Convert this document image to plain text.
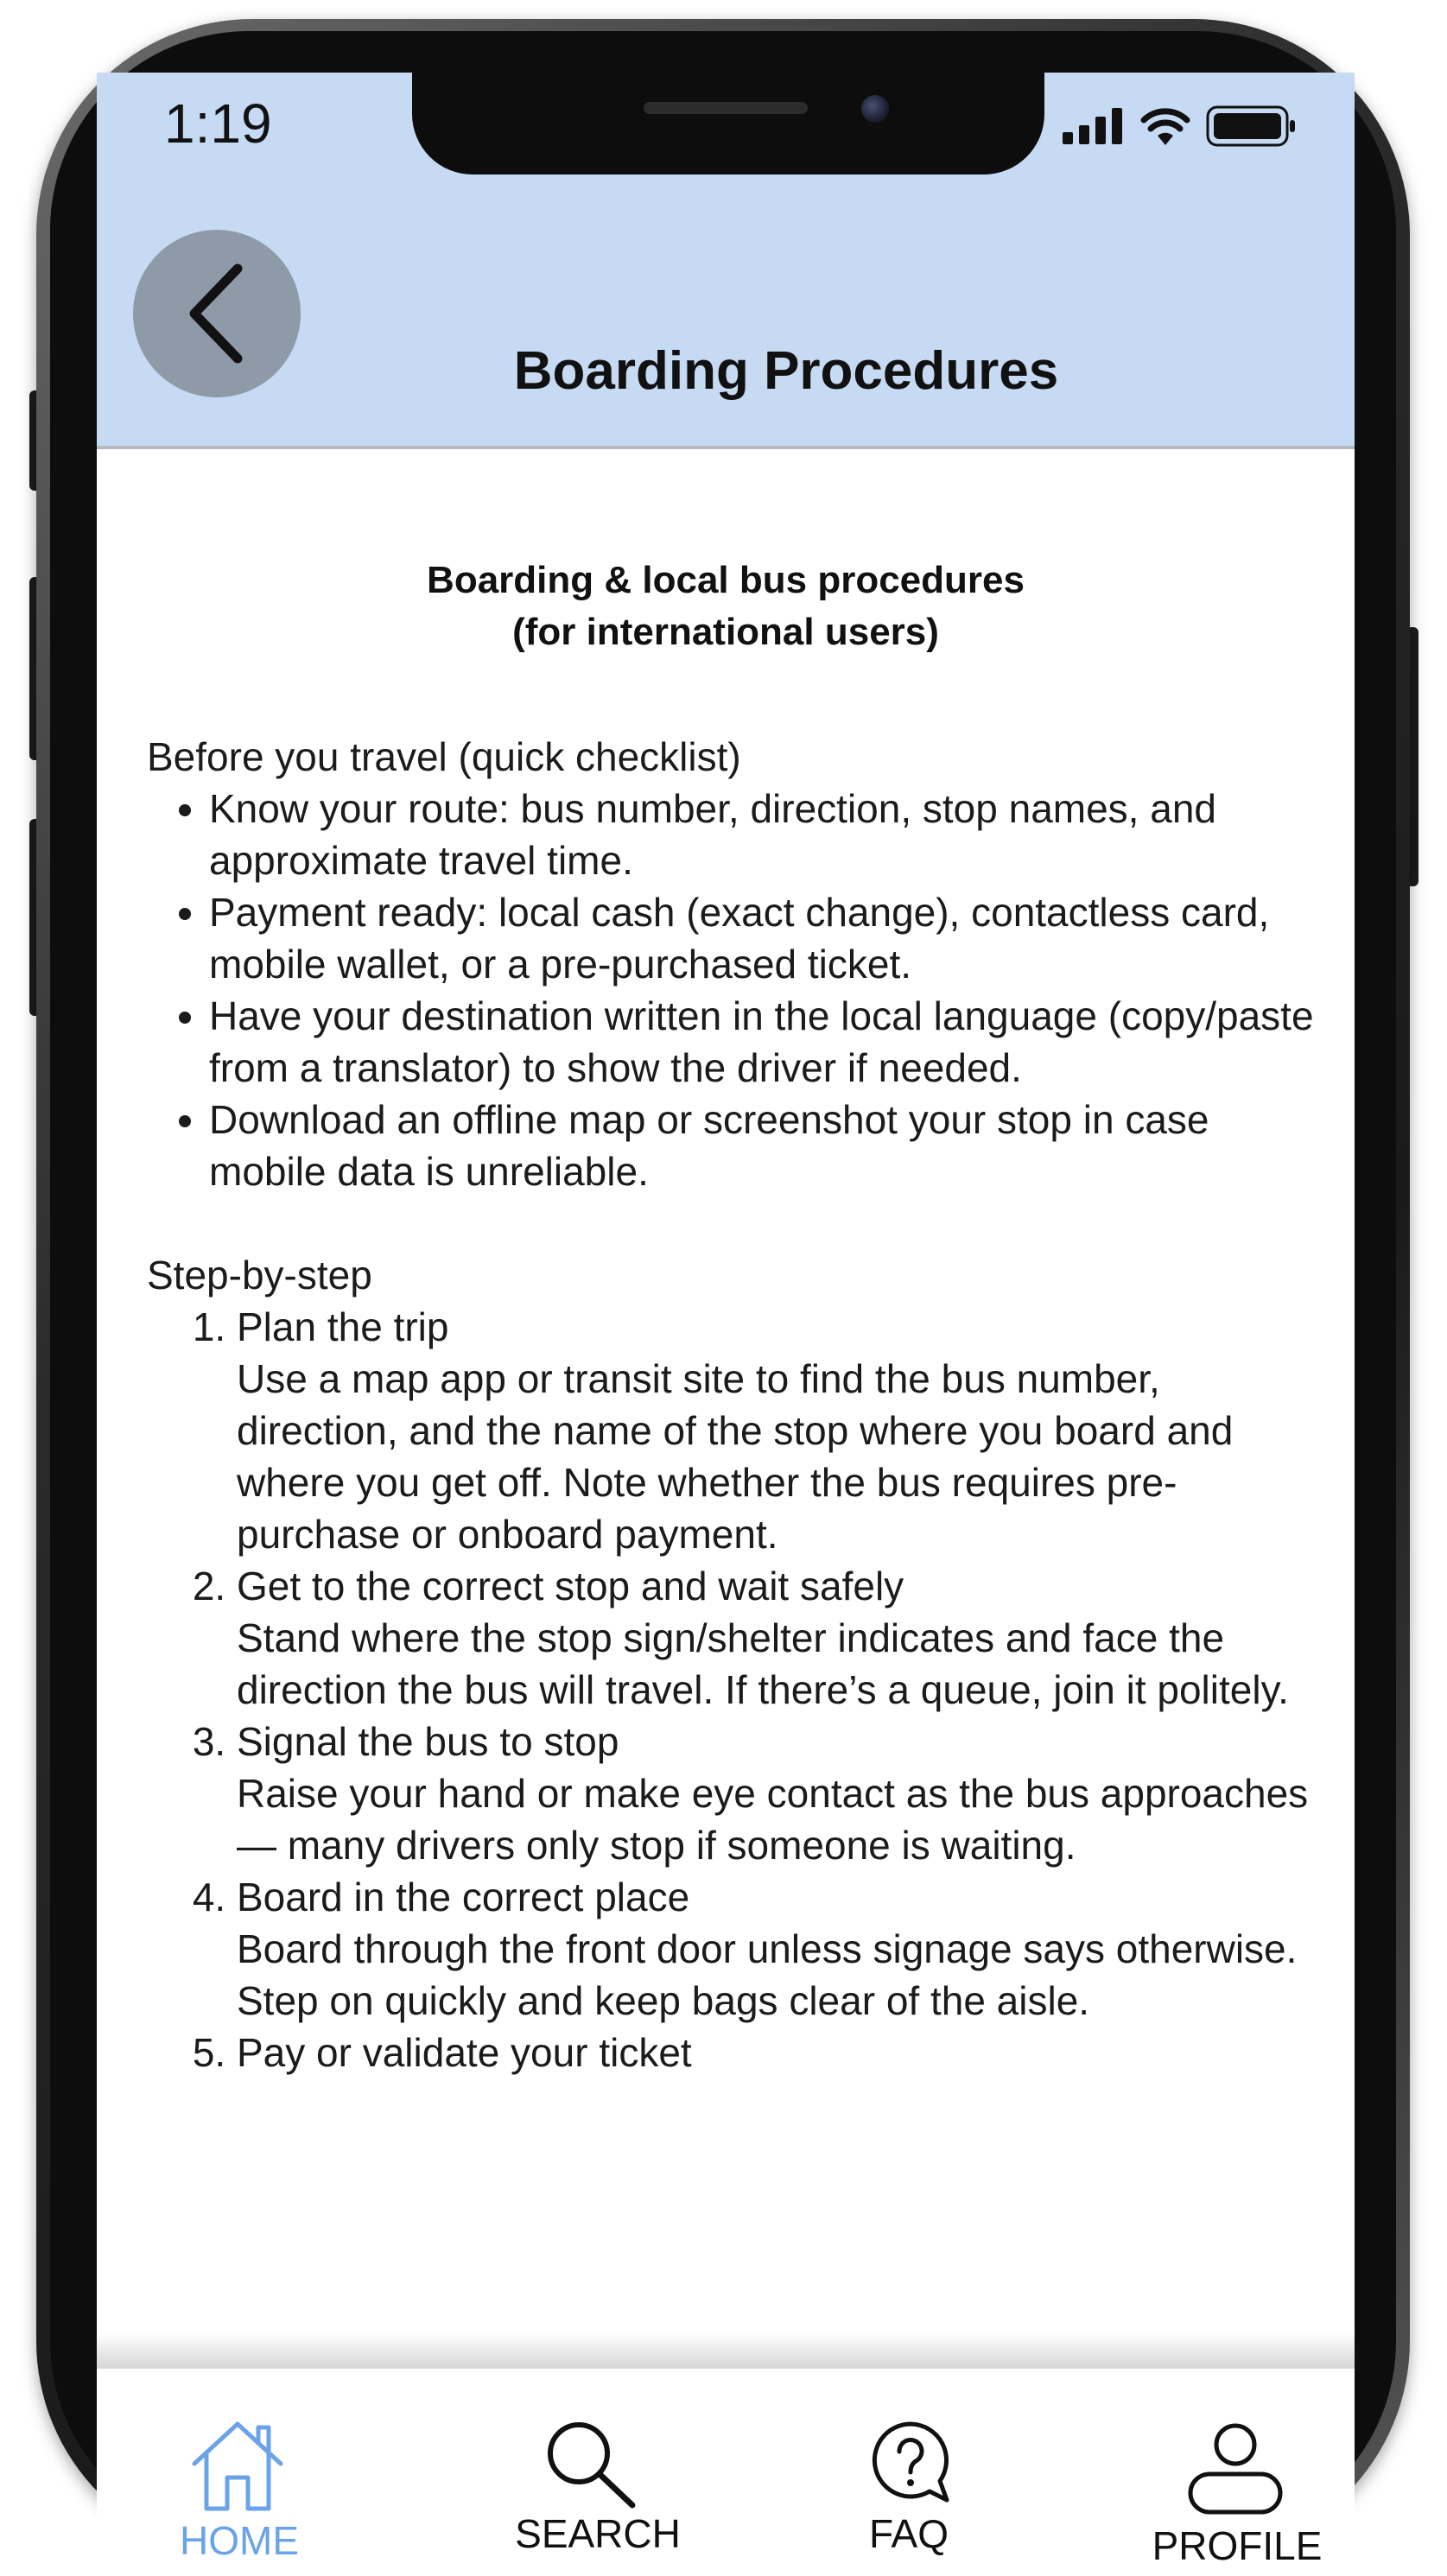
1:19
Boarding Procedures
Boarding & local bus procedures
(for international users)

Before you travel (quick checklist)

• Know your route: bus number, direction, stop names, and approximate travel time.
• Payment ready: local cash (exact change), contactless card, mobile wallet, or a pre-purchased ticket.
• Have your destination written in the local language (copy/paste from a translator) to show the driver if needed.
• Download an offline map or screenshot your stop in case mobile data is unreliable.

Step-by-step

1. Plan the trip
Use a map app or transit site to find the bus number, direction, and the name of the stop where you board and where you get off. Note whether the bus requires pre-purchase or onboard payment.
2. Get to the correct stop and wait safely
Stand where the stop sign/shelter indicates and face the direction the bus will travel. If there’s a queue, join it politely.
3. Signal the bus to stop
Raise your hand or make eye contact as the bus approaches — many drivers only stop if someone is waiting.
4. Board in the correct place
Board through the front door unless signage says otherwise. Step on quickly and keep bags clear of the aisle.
5. Pay or validate your ticket
HOME	SEARCH	FAQ	PROFILE
